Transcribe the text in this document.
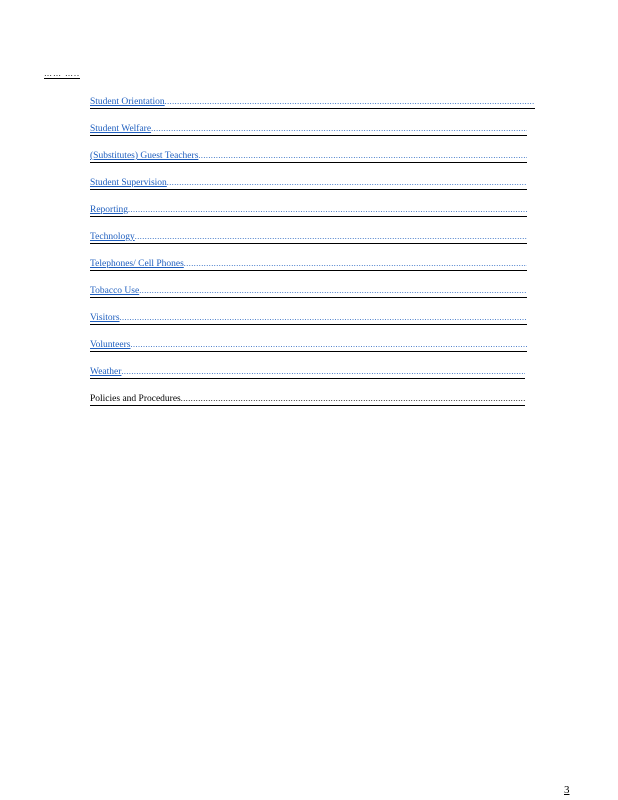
…… …..
Student Orientation
.....
Student Welfare
.....
(Substitutes) Guest Teachers
.....
Student Supervision
.....
Reporting
.....
Technology
.....
Telephones/ Cell Phones
.....
Tobacco Use
.....
Visitors
.....
Volunteers
.....
Weather
.....
Policies and Procedures
.....
3
